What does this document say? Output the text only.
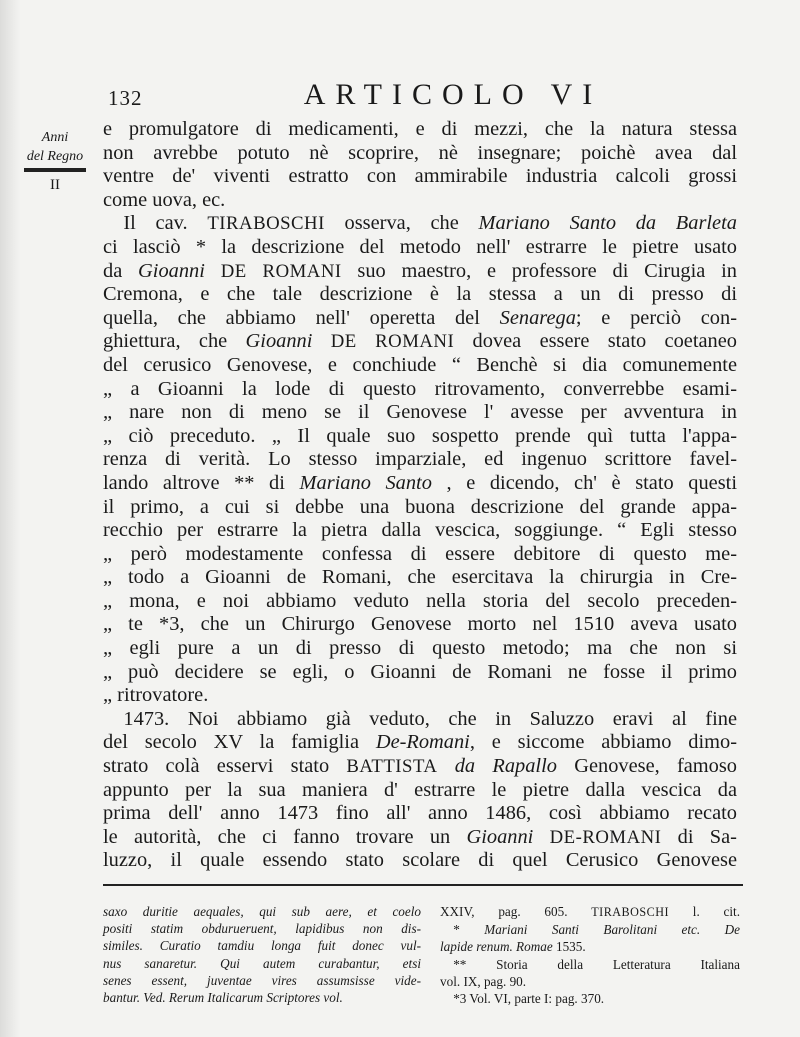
132	ARTICOLO VI
Anni
del Regno
II

e promulgatore di medicamenti, e di mezzi, che la natura stessa
non avrebbe potuto nè scoprire, nè insegnare; poichè avea dal
ventre de' viventi estratto con ammirabile industria calcoli grossi
come uova, ec.

 Il cav. TIRABOSCHI osserva, che Mariano Santo da Barleta
ci lasciò * la descrizione del metodo nell' estrarre le pietre usato
da Gioanni DE ROMANI suo maestro, e professore di Cirugia in
Cremona, e che tale descrizione è la stessa a un di presso di
quella, che abbiamo nell' operetta del Senarega; e perciò con-
ghiettura, che Gioanni DE ROMANI dovea essere stato coetaneo
del cerusico Genovese, e conchiude “ Benchè si dia comunemente
„ a Gioanni la lode di questo ritrovamento, converrebbe esami-
„ nare non di meno se il Genovese l' avesse per avventura in
„ ciò preceduto. „ Il quale suo sospetto prende quì tutta l'appa-
renza di verità. Lo stesso imparziale, ed ingenuo scrittore favel-
lando altrove ** di Mariano Santo , e dicendo, ch' è stato questi
il primo, a cui si debbe una buona descrizione del grande appa-
recchio per estrarre la pietra dalla vescica, soggiunge. “ Egli stesso
„ però modestamente confessa di essere debitore di questo me-
„ todo a Gioanni de Romani, che esercitava la chirurgia in Cre-
„ mona, e noi abbiamo veduto nella storia del secolo preceden-
„ te *3, che un Chirurgo Genovese morto nel 1510 aveva usato
„ egli pure a un di presso di questo metodo; ma che non si
„ può decidere se egli, o Gioanni de Romani ne fosse il primo
„ ritrovatore.

 1473. Noi abbiamo già veduto, che in Saluzzo eravi al fine
del secolo XV la famiglia De-Romani, e siccome abbiamo dimo-
strato colà esservi stato BATTISTA da Rapallo Genovese, famoso
appunto per la sua maniera d' estrarre le pietre dalla vescica da
prima dell' anno 1473 fino all' anno 1486, così abbiamo recato
le autorità, che ci fanno trovare un Gioanni DE-ROMANI di Sa-
luzzo, il quale essendo stato scolare di quel Cerusico Genovese

saxo duritie aequales, qui sub aere, et coelo
positi statim obdurueruent, lapidibus non dis-
similes. Curatio tamdiu longa fuit donec vul-
nus sanaretur. Qui autem curabantur, etsi
senes essent, juventae vires assumsisse vide-
bantur. Ved. Rerum Italicarum Scriptores vol.
XXIV, pag. 605. TIRABOSCHI l. cit.
 * Mariani Santi Barolitani etc. De
lapide renum. Romae 1535.
 ** Storia della Letteratura Italiana
vol. IX, pag. 90.
 *3 Vol. VI, parte I: pag. 370.
